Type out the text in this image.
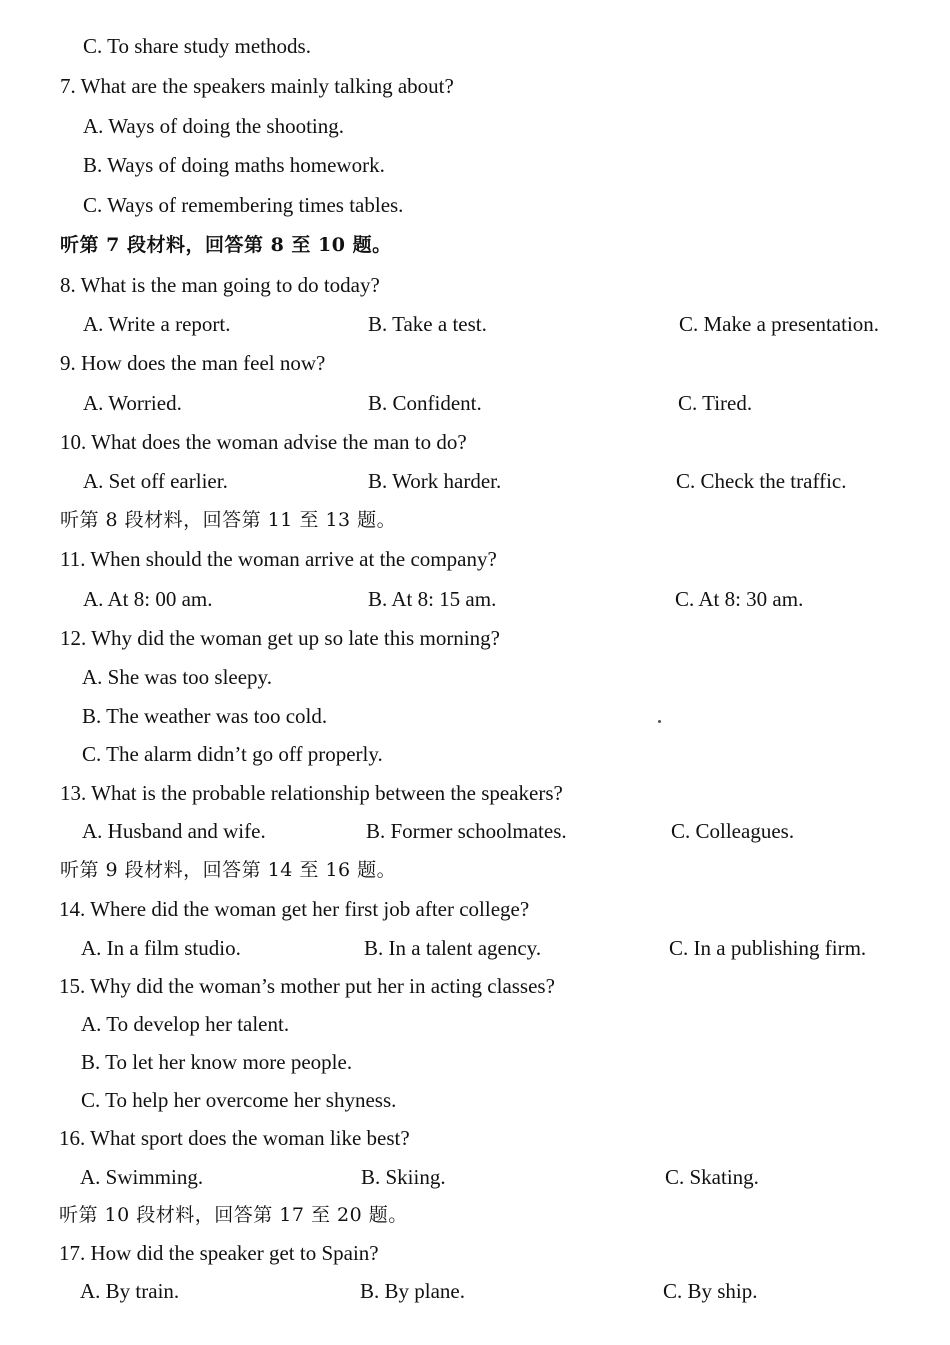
C. To share study methods.
7. What are the speakers mainly talking about?
A. Ways of doing the shooting.
B. Ways of doing maths homework.
C. Ways of remembering times tables.
听第 7 段材料，回答第 8 至 10 题。
8. What is the man going to do today?
A. Write a report.	B. Take a test.	C. Make a presentation.
9. How does the man feel now?
A. Worried.	B. Confident.	C. Tired.
10. What does the woman advise the man to do?
A. Set off earlier.	B. Work harder.	C. Check the traffic.
听第 8 段材料，回答第 11 至 13 题。
11. When should the woman arrive at the company?
A. At 8: 00 am.	B. At 8: 15 am.	C. At 8: 30 am.
12. Why did the woman get up so late this morning?
A. She was too sleepy.
B. The weather was too cold.
C. The alarm didn’t go off properly.
13. What is the probable relationship between the speakers?
A. Husband and wife.	B. Former schoolmates.	C. Colleagues.
听第 9 段材料，回答第 14 至 16 题。
14. Where did the woman get her first job after college?
A. In a film studio.	B. In a talent agency.	C. In a publishing firm.
15. Why did the woman’s mother put her in acting classes?
A. To develop her talent.
B. To let her know more people.
C. To help her overcome her shyness.
16. What sport does the woman like best?
A. Swimming.	B. Skiing.	C. Skating.
听第 10 段材料，回答第 17 至 20 题。
17. How did the speaker get to Spain?
A. By train.	B. By plane.	C. By ship.
